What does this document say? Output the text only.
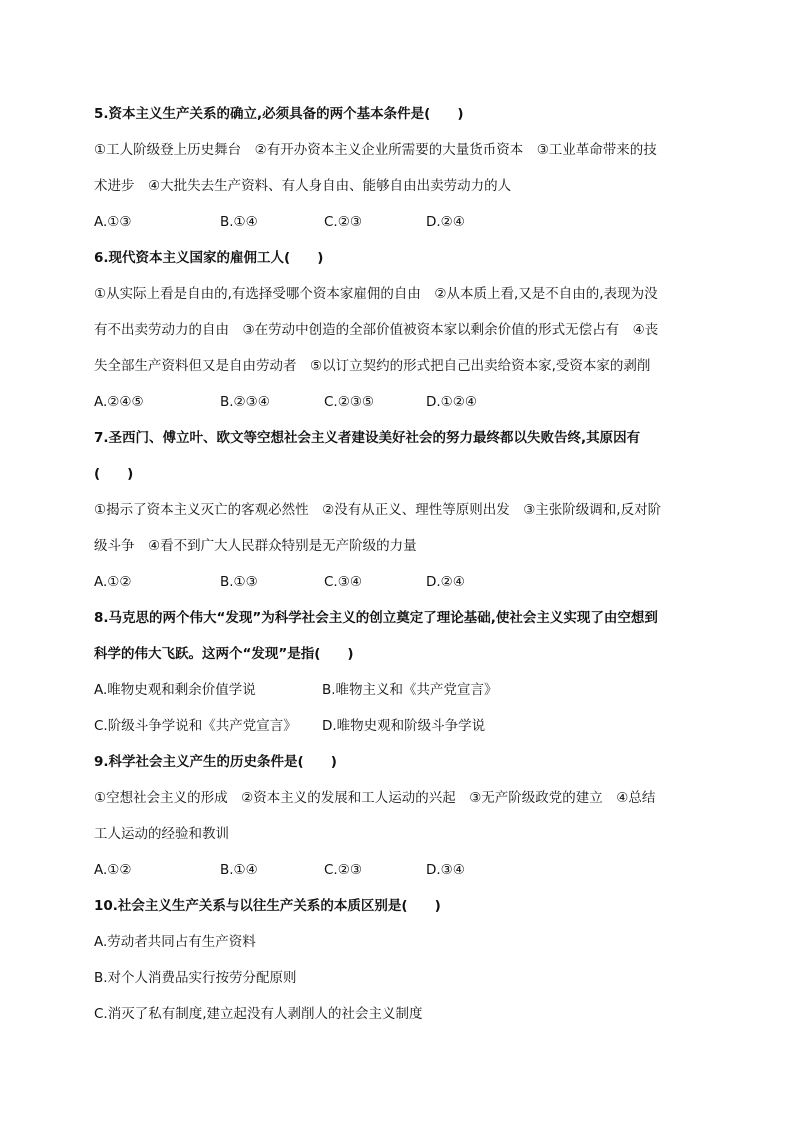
5.资本主义生产关系的确立,必须具备的两个基本条件是(　　)
①工人阶级登上历史舞台　②有开办资本主义企业所需要的大量货币资本　③工业革命带来的技
术进步　④大批失去生产资料、有人身自由、能够自由出卖劳动力的人
A.①③	B.①④	C.②③	D.②④
6.现代资本主义国家的雇佣工人(　　)
①从实际上看是自由的,有选择受哪个资本家雇佣的自由　②从本质上看,又是不自由的,表现为没
有不出卖劳动力的自由　③在劳动中创造的全部价值被资本家以剩余价值的形式无偿占有　④丧
失全部生产资料但又是自由劳动者　⑤以订立契约的形式把自己出卖给资本家,受资本家的剥削
A.②④⑤	B.②③④	C.②③⑤	D.①②④
7.圣西门、傅立叶、欧文等空想社会主义者建设美好社会的努力最终都以失败告终,其原因有
(　　)
①揭示了资本主义灭亡的客观必然性　②没有从正义、理性等原则出发　③主张阶级调和,反对阶
级斗争　④看不到广大人民群众特别是无产阶级的力量
A.①②	B.①③	C.③④	D.②④
8.马克思的两个伟大“发现”为科学社会主义的创立奠定了理论基础,使社会主义实现了由空想到
科学的伟大飞跃。这两个“发现”是指(　　)
A.唯物史观和剩余价值学说	B.唯物主义和《共产党宣言》
C.阶级斗争学说和《共产党宣言》 D.唯物史观和阶级斗争学说
9.科学社会主义产生的历史条件是(　　)
①空想社会主义的形成　②资本主义的发展和工人运动的兴起　③无产阶级政党的建立　④总结
工人运动的经验和教训
A.①②	B.①④	C.②③	D.③④
10.社会主义生产关系与以往生产关系的本质区别是(　　)
A.劳动者共同占有生产资料
B.对个人消费品实行按劳分配原则
C.消灭了私有制度,建立起没有人剥削人的社会主义制度
